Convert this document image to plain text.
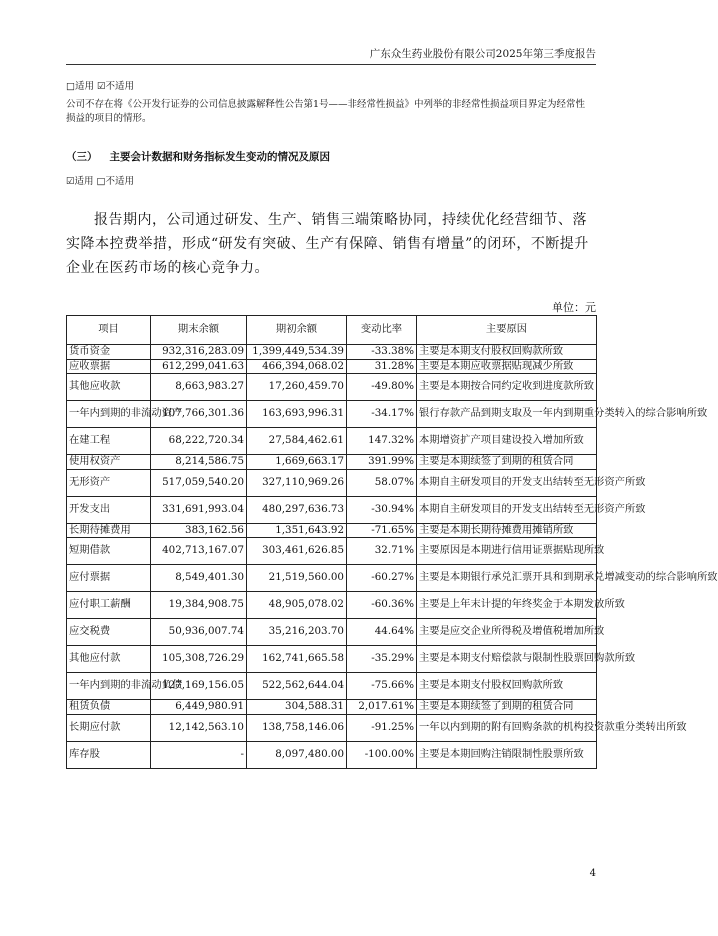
广东众生药业股份有限公司2025年第三季度报告
□适用 ☑不适用
公司不存在将《公开发行证券的公司信息披露解释性公告第1号——非经常性损益》中列举的非经常性损益项目界定为经常性损益的项目的情形。
（三） 主要会计数据和财务指标发生变动的情况及原因
☑适用 □不适用
报告期内，公司通过研发、生产、销售三端策略协同，持续优化经营细节、落实降本控费举措，形成“研发有突破、生产有保障、销售有增量”的闭环，不断提升企业在医药市场的核心竞争力。
单位：元
项目	期末余额	期初余额	变动比率	主要原因
货币资金	932,316,283.09	1,399,449,534.39	-33.38%	主要是本期支付股权回购款所致
应收票据	612,299,041.63	466,394,068.02	31.28%	主要是本期应收票据贴现减少所致
其他应收款	8,663,983.27	17,260,459.70	-49.80%	主要是本期按合同约定收到进度款所致
一年内到期的非流动资产	107,766,301.36	163,693,996.31	-34.17%	银行存款产品到期支取及一年内到期重分类转入的综合影响所致
在建工程	68,222,720.34	27,584,462.61	147.32%	本期增资扩产项目建设投入增加所致
使用权资产	8,214,586.75	1,669,663.17	391.99%	主要是本期续签了到期的租赁合同
无形资产	517,059,540.20	327,110,969.26	58.07%	本期自主研发项目的开发支出结转至无形资产所致
开发支出	331,691,993.04	480,297,636.73	-30.94%	本期自主研发项目的开发支出结转至无形资产所致
长期待摊费用	383,162.56	1,351,643.92	-71.65%	主要是本期长期待摊费用摊销所致
短期借款	402,713,167.07	303,461,626.85	32.71%	主要原因是本期进行信用证票据贴现所致
应付票据	8,549,401.30	21,519,560.00	-60.27%	主要是本期银行承兑汇票开具和到期承兑增减变动的综合影响所致
应付职工薪酬	19,384,908.75	48,905,078.02	-60.36%	主要是上年末计提的年终奖金于本期发放所致
应交税费	50,936,007.74	35,216,203.70	44.64%	主要是应交企业所得税及增值税增加所致
其他应付款	105,308,726.29	162,741,665.58	-35.29%	主要是本期支付赔偿款与限制性股票回购款所致
一年内到期的非流动负债	127,169,156.05	522,562,644.04	-75.66%	主要是本期支付股权回购款所致
租赁负债	6,449,980.91	304,588.31	2,017.61%	主要是本期续签了到期的租赁合同
长期应付款	12,142,563.10	138,758,146.06	-91.25%	一年以内到期的附有回购条款的机构投资款重分类转出所致
库存股	-	8,097,480.00	-100.00%	主要是本期回购注销限制性股票所致
4
